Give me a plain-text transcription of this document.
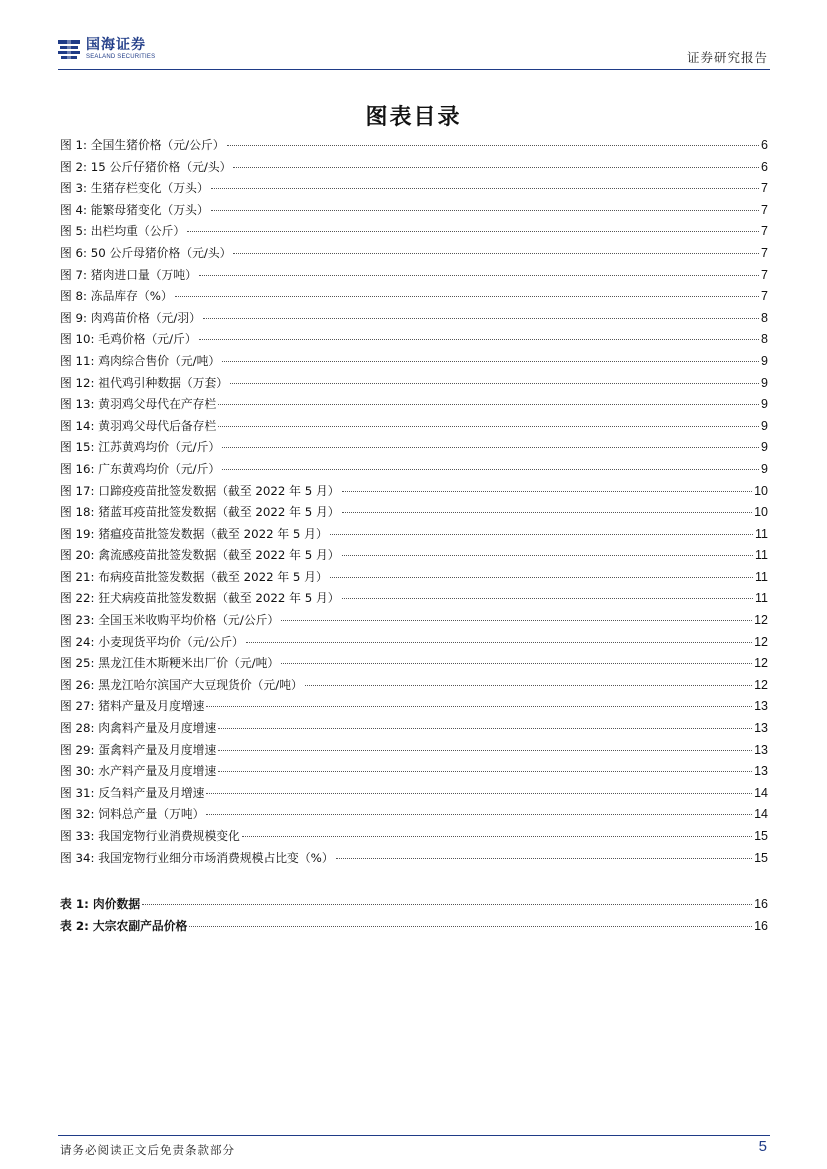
国海证券
SEALAND SECURITIES	证券研究报告
图表目录
图 1: 全国生猪价格（元/公斤）	6
图 2: 15 公斤仔猪价格（元/头）	6
图 3: 生猪存栏变化（万头）	7
图 4: 能繁母猪变化（万头）	7
图 5: 出栏均重（公斤）	7
图 6: 50 公斤母猪价格（元/头）	7
图 7: 猪肉进口量（万吨）	7
图 8: 冻品库存（%）	7
图 9: 肉鸡苗价格（元/羽）	8
图 10: 毛鸡价格（元/斤）	8
图 11: 鸡肉综合售价（元/吨）	9
图 12: 祖代鸡引种数据（万套）	9
图 13: 黄羽鸡父母代在产存栏	9
图 14: 黄羽鸡父母代后备存栏	9
图 15: 江苏黄鸡均价（元/斤）	9
图 16: 广东黄鸡均价（元/斤）	9
图 17: 口蹄疫疫苗批签发数据（截至 2022 年 5 月）	10
图 18: 猪蓝耳疫苗批签发数据（截至 2022 年 5 月）	10
图 19: 猪瘟疫苗批签发数据（截至 2022 年 5 月）	11
图 20: 禽流感疫苗批签发数据（截至 2022 年 5 月）	11
图 21: 布病疫苗批签发数据（截至 2022 年 5 月）	11
图 22: 狂犬病疫苗批签发数据（截至 2022 年 5 月）	11
图 23: 全国玉米收购平均价格（元/公斤）	12
图 24: 小麦现货平均价（元/公斤）	12
图 25: 黑龙江佳木斯粳米出厂价（元/吨）	12
图 26: 黑龙江哈尔滨国产大豆现货价（元/吨）	12
图 27: 猪料产量及月度增速	13
图 28: 肉禽料产量及月度增速	13
图 29: 蛋禽料产量及月度增速	13
图 30: 水产料产量及月度增速	13
图 31: 反刍料产量及月增速	14
图 32: 饲料总产量（万吨）	14
图 33: 我国宠物行业消费规模变化	15
图 34: 我国宠物行业细分市场消费规模占比变（%）	15
表 1: 肉价数据	16
表 2: 大宗农副产品价格	16
请务必阅读正文后免责条款部分	5
